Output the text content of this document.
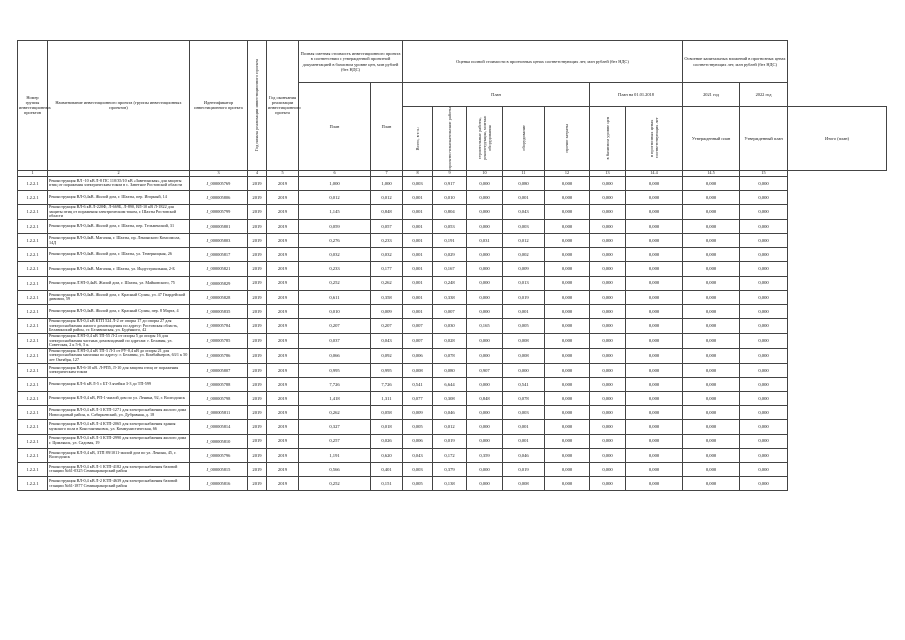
Номер группы инвестиционных проектов	Наименование инвестиционного проекта (группы инвестиционных проектов)	Идентификатор инвестиционного проекта	Год начала реализации инвестиционного проекта	Год окончания реализации инвестиционного проекта	Полная сметная стоимость инвестиционного проекта в соответствии с утвержденной проектной документацией в базисном уровне цен, млн рублей (без НДС)		Оценка полной стоимости в прогнозных ценах соответствующих лет, млн рублей (без НДС)							Освоение капитальных вложений в прогнозных ценах соответствующих лет, млн рублей (без НДС)		
					План	План	План					План на 01.01.2018		2021 год	2022 год	

							Всего, в т.ч.:	проектно-изыскательские работы	строительные работы, реконструкция, монтаж оборудования	оборудование	прочие затраты	в базисном уровне цен	в прогнозных ценах соответствующих лет	Утвержденный план	Утвержденный план	Итого (план)
1	2	3	4	5	6	7	8	9	10	11	12	13	14.4	14.5	15	
1.2.2.1	Реконструкция ВЛ -10 кВ Л-8 ПС 110/35/10 кВ «Заветинская» для защиты птиц от поражения электрическим током в с. Заветное Ростовской области	J_000005769	2019	2019	1,000	1,000	0,003	0,917	0,000	0,080	0,000	0,000	0,000	0,000	0,000	
1.2.2.1	Реконструкция ВЛ-0,4кВ. Жилой дом, г. Шахты, пер. Игорный, 14	J_000005806	2019	2019	0,012	0,012	0,001	0,010	0,000	0,001	0,000	0,000	0,000	0,000	0,000	
1.2.2.1	Реконструкция ВЛ-6 кВ Л-220Ф, Л-669Б, Л-890, ВЛ-10 кВ Л-1822 для защиты птиц от поражения электрическим током, г. Шахты Ростовской области	J_000005799	2019	2019	1,145	0,848	0,001	0,804	0,000	0,043	0,000	0,000	0,000	0,000	0,000	
1.2.2.1	Реконструкция ВЛ-0,4кВ. Жилой дом, г. Шахты, пер. Тельменский, 31	J_000005801	2019	2019	0,059	0,057	0,001	0,053	0,000	0,003	0,000	0,000	0,000	0,000	0,000	
1.2.2.1	Реконструкция ВЛ-0,4кВ. Магазин, г. Шахты, пр. Ленинского Комсомола, 14Д	J_000005803	2019	2019	0,276	0,233	0,001	0,191	0,031	0,012	0,000	0,000	0,000	0,000	0,000	
1.2.2.1	Реконструкция ВЛ-0,4кВ. Жилой дом, г. Шахты, ул. Темерницкая, 26	J_000005817	2019	2019	0,032	0,032	0,001	0,029	0,000	0,002	0,000	0,000	0,000	0,000	0,000	
1.2.2.1	Реконструкция ВЛ-0,4кВ. Магазин, г. Шахты, ул. Индустриальная, 2-Б	J_000005821	2019	2019	0,233	0,177	0,001	0,167	0,000	0,009	0,000	0,000	0,000	0,000	0,000	
1.2.2.1	Реконструкция ЛЭП-0,4кВ. Жилой дом, г. Шахты, ул. Майковского, 75	J_000005829	2019	2019	0,252	0,262	0,001	0,248	0,000	0,013	0,000	0,000	0,000	0,000	0,000	
1.2.2.1	Реконструкция ВЛ-0,4кВ. Жилой дом, г. Красный Сулин, ул. 47 Гвардейской дивизии, 59	J_000005828	2019	2019	0,611	0,358	0,001	0,338	0,000	0,019	0,000	0,000	0,000	0,000	0,000	
1.2.2.1	Реконструкция ВЛ-0,4кВ. Жилой дом, г. Красный Сулин, пер. 8 Марта, 4	J_000005835	2019	2019	0,010	0,009	0,001	0,007	0,000	0,001	0,000	0,000	0,000	0,000	0,000	
1.2.2.1	Реконструкция ВЛ-0,4 кВ КТП 524 Л-2 от опоры 17 до опоры 27 для электроснабжения жилого домовладения по адресу: Ростовская область, Белавинский район, ст. Белавинская, ул. Будённого, 42	J_000005784	2019	2019	0,207	0,207	0,007	0,030	0,165	0,005	0,000	0,000	0,000	0,000	0,000	
1.2.2.1	Реконструкция ЛЭП-0,4 кВ ТП-55 Л-2 от опоры 5 до опоры 16 для электроснабжения частных домовладений по адресам: г. Белавин, ул. Советская, 2 к 5-6, 5 к.	J_000005785	2019	2019	0,037	0,043	0,007	0,028	0,000	0,008	0,000	0,000	0,000	0,000	0,000	
1.2.2.1	Реконструкция ЛЭП-0,4 кВ ТП-3 Л-3 от РУ-0,4 кВ до опоры 21 для электроснабжения магазина по адресу: г. Белавин, ул. Комбайнеров, 63/1 к 50 лет Октября, 127	J_000005786	2019	2019	0,066	0,092	0,006	0,078	0,000	0,008	0,000	0,000	0,000	0,000	0,000	
1.2.2.1	Реконструкция ВЛ-6-10 кВ. Л-РП5, Л-10 для защиты птиц от поражения электрическим током	J_000005807	2019	2019	0,995	0,995	0,008	0,080	0,907	0,000	0,000	0,000	0,000	0,000	0,000	
1.2.2.1	Реконструкция КЛ-6 кВ Л-5 с БТ-3 ячейки 3-3 до ТП-599	J_000005788	2019	2019	7,726	7,726	0,541	6,644	0,000	0,541	0,000	0,000	0,000	0,000	0,000	
1.2.2.1	Реконструкция КЛ-0,4 кВ, РП-1-жилой дом по ул. Ленина, 92, г. Волгодонск	J_000005798	2019	2019	1,418	1,311	0,077	0,308	0,848	0,078	0,000	0,000	0,000	0,000	0,000	
1.2.2.1	Реконструкция ВЛ-0,4 кВ Л-3 КТП-1271 для электроснабжения жилого дома Новосадовый район, п. Сабирьевский, ул. Дубравная, д. 18	J_000005811	2019	2019	0,262	0,058	0,009	0,046	0,000	0,003	0,000	0,000	0,000	0,000	0,000	
1.2.2.1	Реконструкция ВЛ-0,4 кВ Л-4 КТП-2065 для электроснабжения здания мужского пола в Константиновск, ул. Коммунистическая, 66	J_000005814	2019	2019	0,327	0,018	0,005	0,012	0,000	0,001	0,000	0,000	0,000	0,000	0,000	
1.2.2.1	Реконструкция ВЛ-0,4 кВ Л-3 КТП-2990 для электроснабжения жилого дома г. Цимлянск, ул. Садовая, 19	J_000005810	2019	2019	0,257	0,026	0,006	0,019	0,000	0,001	0,000	0,000	0,000	0,000	0,000	
1.2.2.1	Реконструкция КЛ-0,4 кВ, ЗТП 89/1011-жилой дом по ул. Ленина, 45, г. Волгодонск	J_000005796	2019	2019	1,191	0,620	0,043	0,172	0,359	0,046	0,000	0,000	0,000	0,000	0,000	
1.2.2.1	Реконструкция ВЛ-0,4 кВ Л-1 КТП-4182 для электроснабжения базовой станции №61-0325 Семикаракорский район	J_000005815	2019	2019	0,566	0,401	0,003	0,379	0,000	0,019	0,000	0,000	0,000	0,000	0,000	
1.2.2.1	Реконструкция ВЛ-0,4 кВ Л-2 КТП-4639 для электроснабжения базовой станции №61-1877 Семикаракорский район	J_000005816	2019	2019	0,252	0,151	0,005	0,138	0,000	0,008	0,000	0,000	0,000	0,000	0,000	
